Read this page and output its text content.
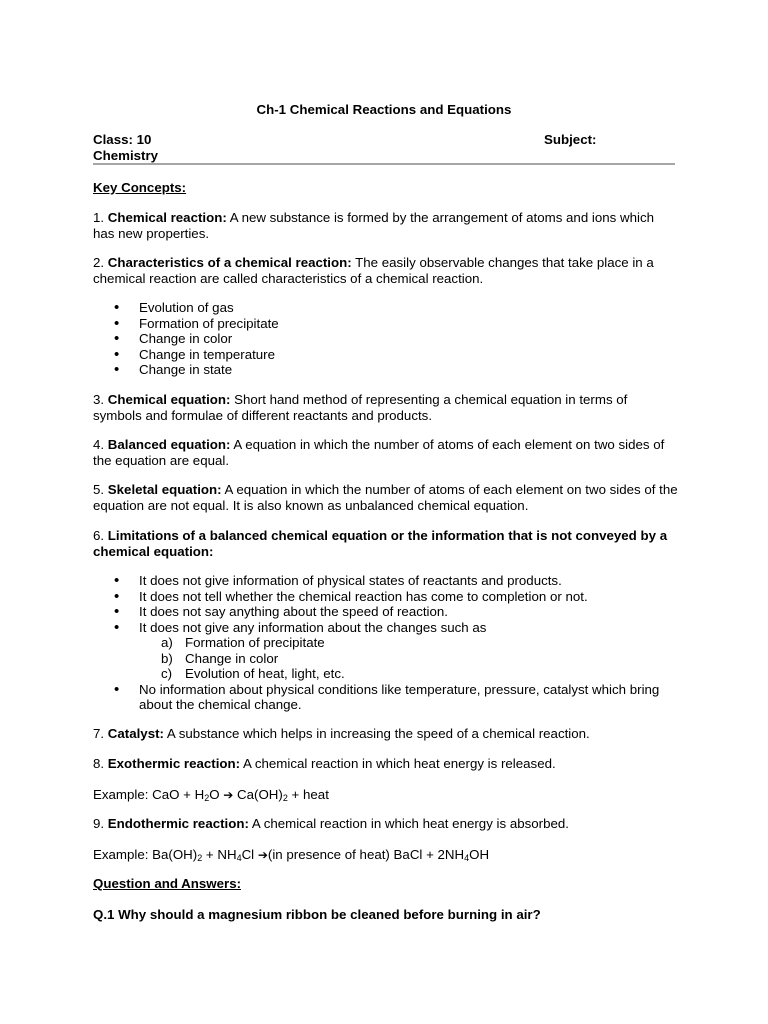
Ch-1 Chemical Reactions and Equations

Class: 10	Subject:

Chemistry

Key Concepts:

1. Chemical reaction: A new substance is formed by the arrangement of atoms and ions which has new properties.

2. Characteristics of a chemical reaction: The easily observable changes that take place in a chemical reaction are called characteristics of a chemical reaction.

• Evolution of gas
• Formation of precipitate
• Change in color
• Change in temperature
• Change in state

3. Chemical equation: Short hand method of representing a chemical equation in terms of symbols and formulae of different reactants and products.

4. Balanced equation: A equation in which the number of atoms of each element on two sides of the equation are equal.

5. Skeletal equation: A equation in which the number of atoms of each element on two sides of the equation are not equal. It is also known as unbalanced chemical equation.

6. Limitations of a balanced chemical equation or the information that is not conveyed by a chemical equation:

• It does not give information of physical states of reactants and products.
• It does not tell whether the chemical reaction has come to completion or not.
• It does not say anything about the speed of reaction.
• It does not give any information about the changes such as
a) Formation of precipitate
b) Change in color
c) Evolution of heat, light, etc.
• No information about physical conditions like temperature, pressure, catalyst which bring about the chemical change.

7. Catalyst: A substance which helps in increasing the speed of a chemical reaction.

8. Exothermic reaction: A chemical reaction in which heat energy is released.

Example: CaO + H2O ➔ Ca(OH)2 + heat

9. Endothermic reaction: A chemical reaction in which heat energy is absorbed.

Example: Ba(OH)2 + NH4Cl ➔(in presence of heat) BaCl + 2NH4OH

Question and Answers:

Q.1 Why should a magnesium ribbon be cleaned before burning in air?
